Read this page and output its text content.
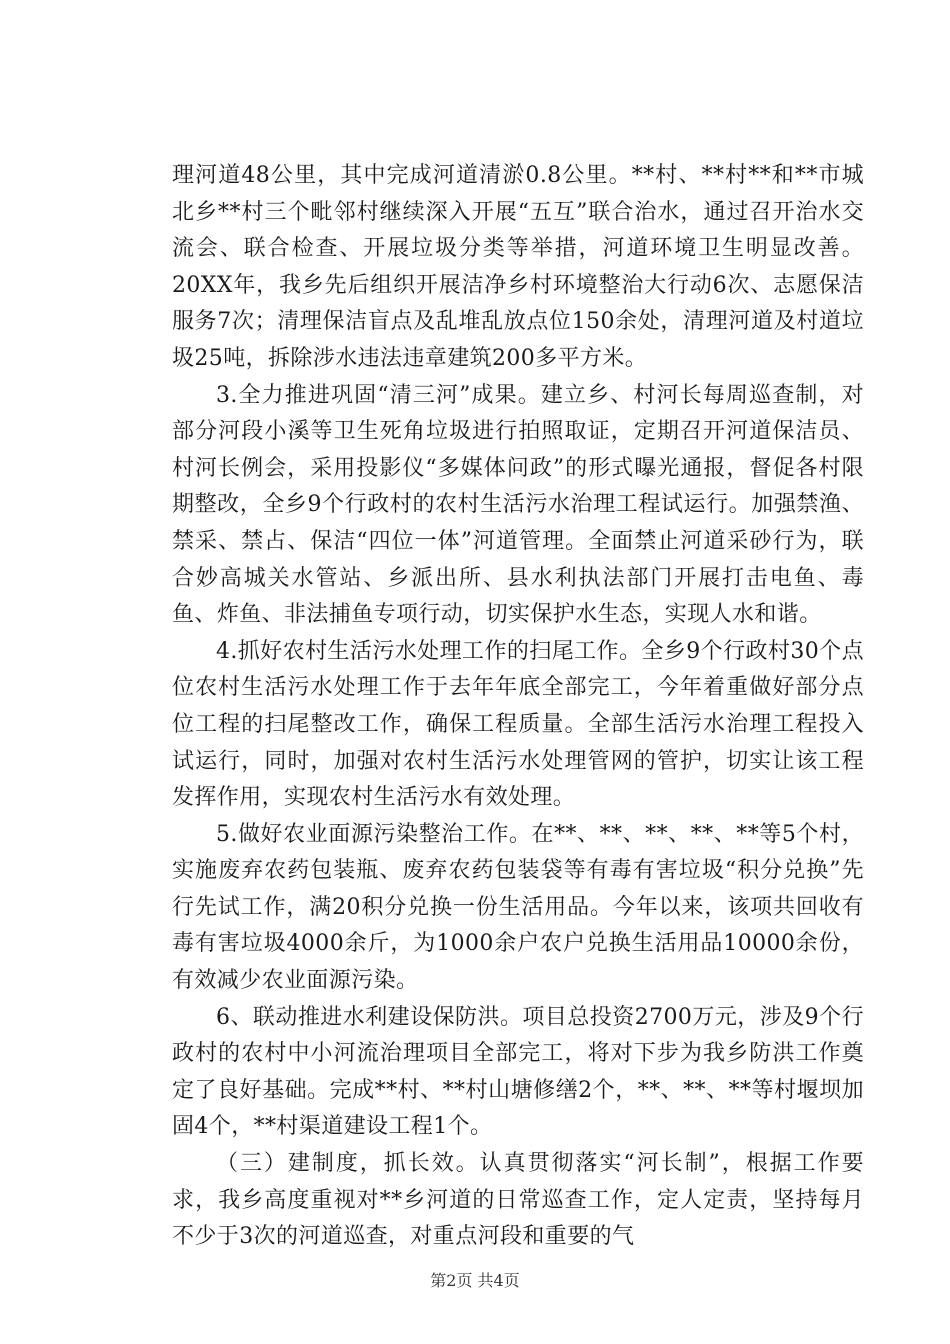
理河道48公里，其中完成河道清淤0.8公里。**村、**村**和**市城北乡**村三个毗邻村继续深入开展“五互”联合治水，通过召开治水交流会、联合检查、开展垃圾分类等举措，河道环境卫生明显改善。20XX年，我乡先后组织开展洁净乡村环境整治大行动6次、志愿保洁服务7次；清理保洁盲点及乱堆乱放点位150余处，清理河道及村道垃圾25吨，拆除涉水违法违章建筑200多平方米。

3.全力推进巩固“清三河”成果。建立乡、村河长每周巡查制，对部分河段小溪等卫生死角垃圾进行拍照取证，定期召开河道保洁员、村河长例会，采用投影仪“多媒体问政”的形式曝光通报，督促各村限期整改，全乡9个行政村的农村生活污水治理工程试运行。加强禁渔、禁采、禁占、保洁“四位一体”河道管理。全面禁止河道采砂行为，联合妙高城关水管站、乡派出所、县水利执法部门开展打击电鱼、毒鱼、炸鱼、非法捕鱼专项行动，切实保护水生态，实现人水和谐。

4.抓好农村生活污水处理工作的扫尾工作。全乡9个行政村30个点位农村生活污水处理工作于去年年底全部完工，今年着重做好部分点位工程的扫尾整改工作，确保工程质量。全部生活污水治理工程投入试运行，同时，加强对农村生活污水处理管网的管护，切实让该工程发挥作用，实现农村生活污水有效处理。

5.做好农业面源污染整治工作。在**、**、**、**、**等5个村，实施废弃农药包装瓶、废弃农药包装袋等有毒有害垃圾“积分兑换”先行先试工作，满20积分兑换一份生活用品。今年以来，该项共回收有毒有害垃圾4000余斤，为1000余户农户兑换生活用品10000余份，有效减少农业面源污染。

6、联动推进水利建设保防洪。项目总投资2700万元，涉及9个行政村的农村中小河流治理项目全部完工，将对下步为我乡防洪工作奠定了良好基础。完成**村、**村山塘修缮2个，**、**、**等村堰坝加固4个，**村渠道建设工程1个。

（三）建制度，抓长效。认真贯彻落实“河长制”，根据工作要求，我乡高度重视对**乡河道的日常巡查工作，定人定责，坚持每月不少于3次的河道巡查，对重点河段和重要的气

第2页 共4页
